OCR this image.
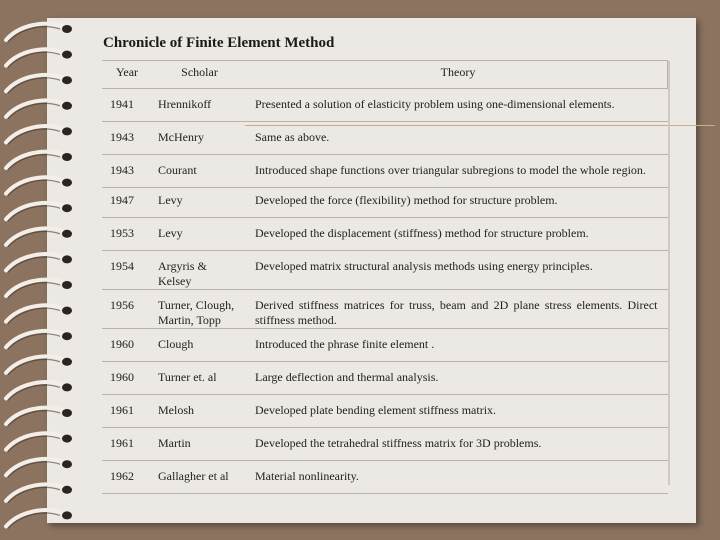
Chronicle of Finite Element Method
Year	Scholar	Theory
1941	Hrennikoff	Presented a solution of elasticity problem using one-dimensional elements.
1943	McHenry	Same as above.
1943	Courant	Introduced shape functions over triangular subregions to model the whole region.
1947	Levy	Developed the force (flexibility) method for structure problem.
1953	Levy	Developed the displacement (stiffness) method for structure problem.
1954	Argyris & Kelsey	Developed matrix structural analysis methods using energy principles.
1956	Turner, Clough, Martin, Topp	Derived stiffness matrices for truss, beam and 2D plane stress elements. Direct stiffness method.
1960	Clough	Introduced the phrase finite element .
1960	Turner et. al	Large deflection and thermal analysis.
1961	Melosh	Developed plate bending element stiffness matrix.
1961	Martin	Developed the tetrahedral stiffness matrix for 3D problems.
1962	Gallagher et al	Material nonlinearity.
